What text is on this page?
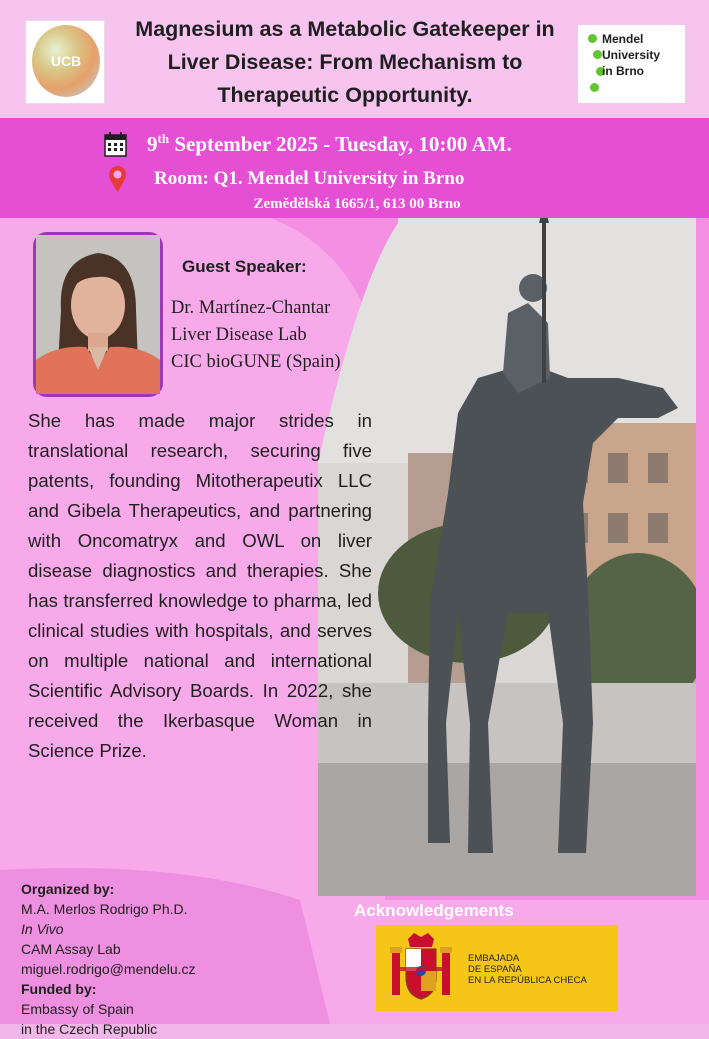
UCB
Magnesium as a Metabolic Gatekeeper in Liver Disease: From Mechanism to Therapeutic Opportunity.
Mendel
University
in Brno
9th September 2025 - Tuesday, 10:00 AM.
Room: Q1. Mendel University in Brno
Zemědělská 1665/1, 613 00 Brno
Guest Speaker:
Dr. Martínez-Chantar
Liver Disease Lab
CIC bioGUNE (Spain)
She has made major strides in translational research, securing five patents, founding Mitotherapeutix LLC and Gibela Therapeutics, and partnering with Oncomatryx and OWL on liver disease diagnostics and therapies. She has transferred knowledge to pharma, led clinical studies with hospitals, and serves on multiple national and international Scientific Advisory Boards. In 2022, she received the Ikerbasque Woman in Science Prize.
Organized by:
M.A. Merlos Rodrigo Ph.D.
In Vivo
CAM Assay Lab
miguel.rodrigo@mendelu.cz
Funded by:
Embassy of Spain
in the Czech Republic
Acknowledgements
EMBAJADA
DE ESPAÑA
EN LA REPÚBLICA CHECA
